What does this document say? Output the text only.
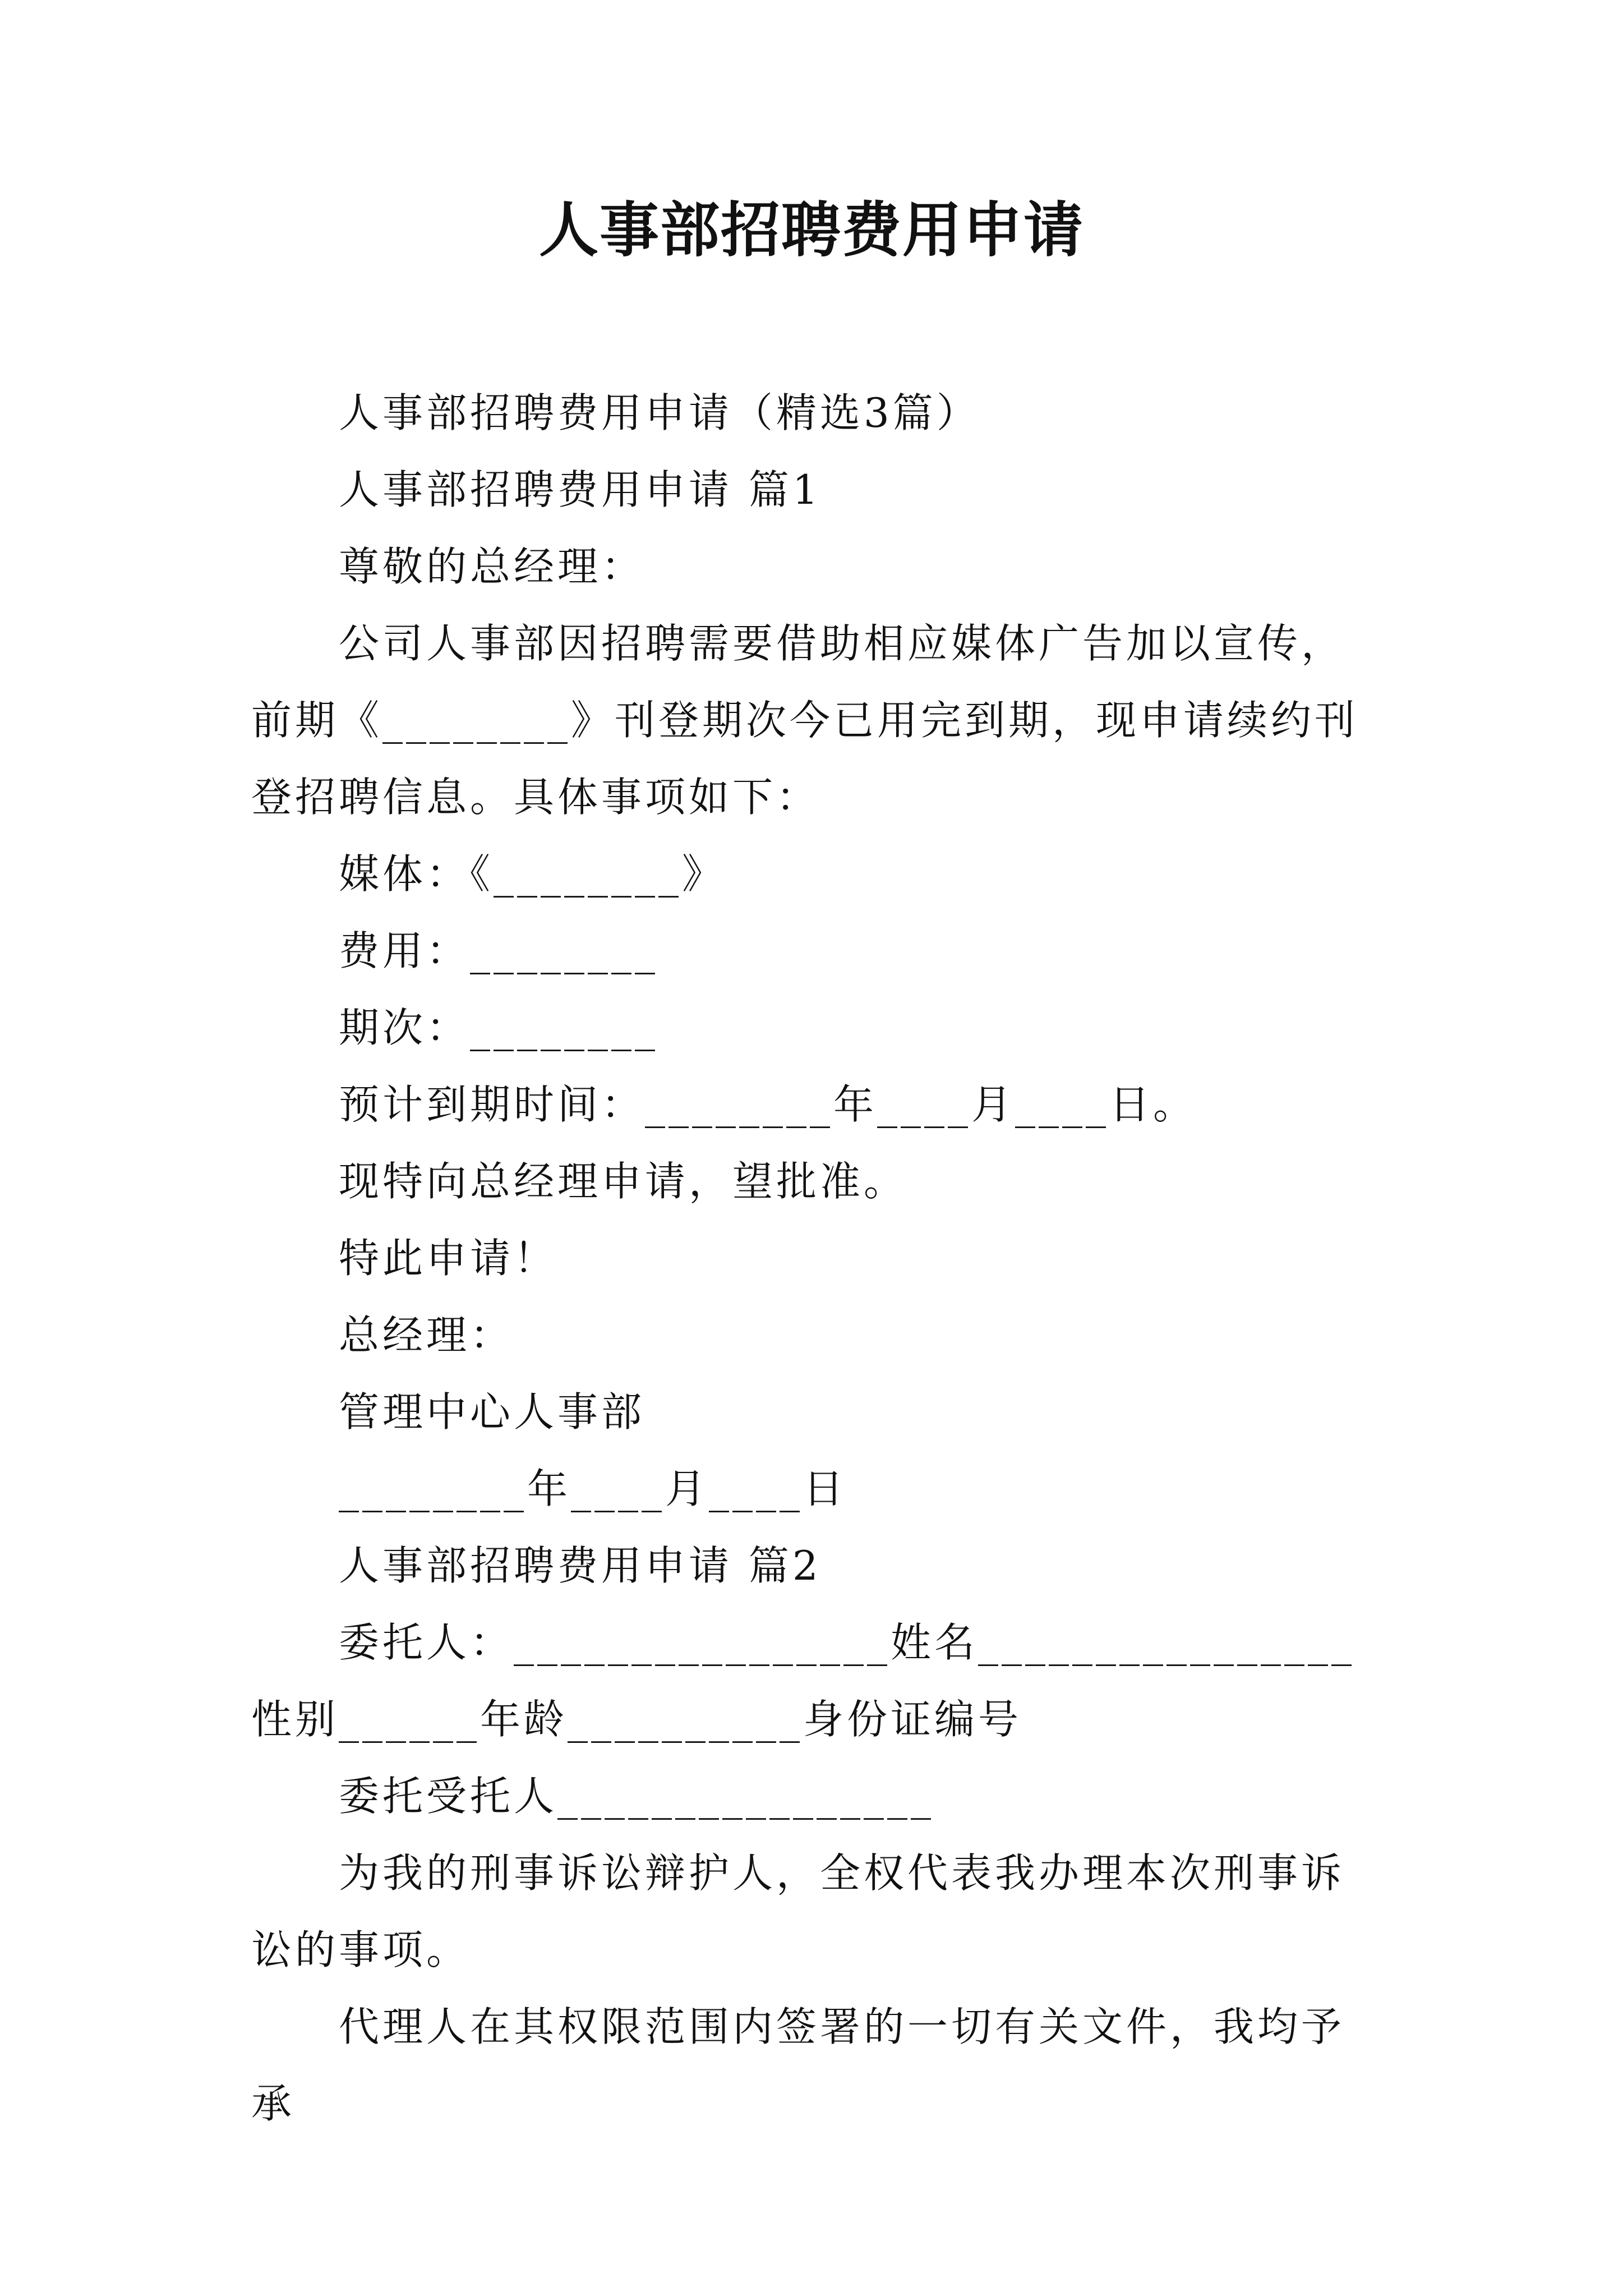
人事部招聘费用申请

人事部招聘费用申请（精选3篇）

人事部招聘费用申请 篇1

尊敬的总经理：

公司人事部因招聘需要借助相应媒体广告加以宣传，前期《________》刊登期次今已用完到期，现申请续约刊登招聘信息。具体事项如下：

媒体：《________》

费用：________

期次：________

预计到期时间：________年____月____日。

现特向总经理申请，望批准。

特此申请！

总经理：

管理中心人事部

________年____月____日

人事部招聘费用申请 篇2

委托人：________________姓名________________性别______年龄__________身份证编号

委托受托人________________

为我的刑事诉讼辩护人，全权代表我办理本次刑事诉讼的事项。

代理人在其权限范围内签署的一切有关文件，我均予承
